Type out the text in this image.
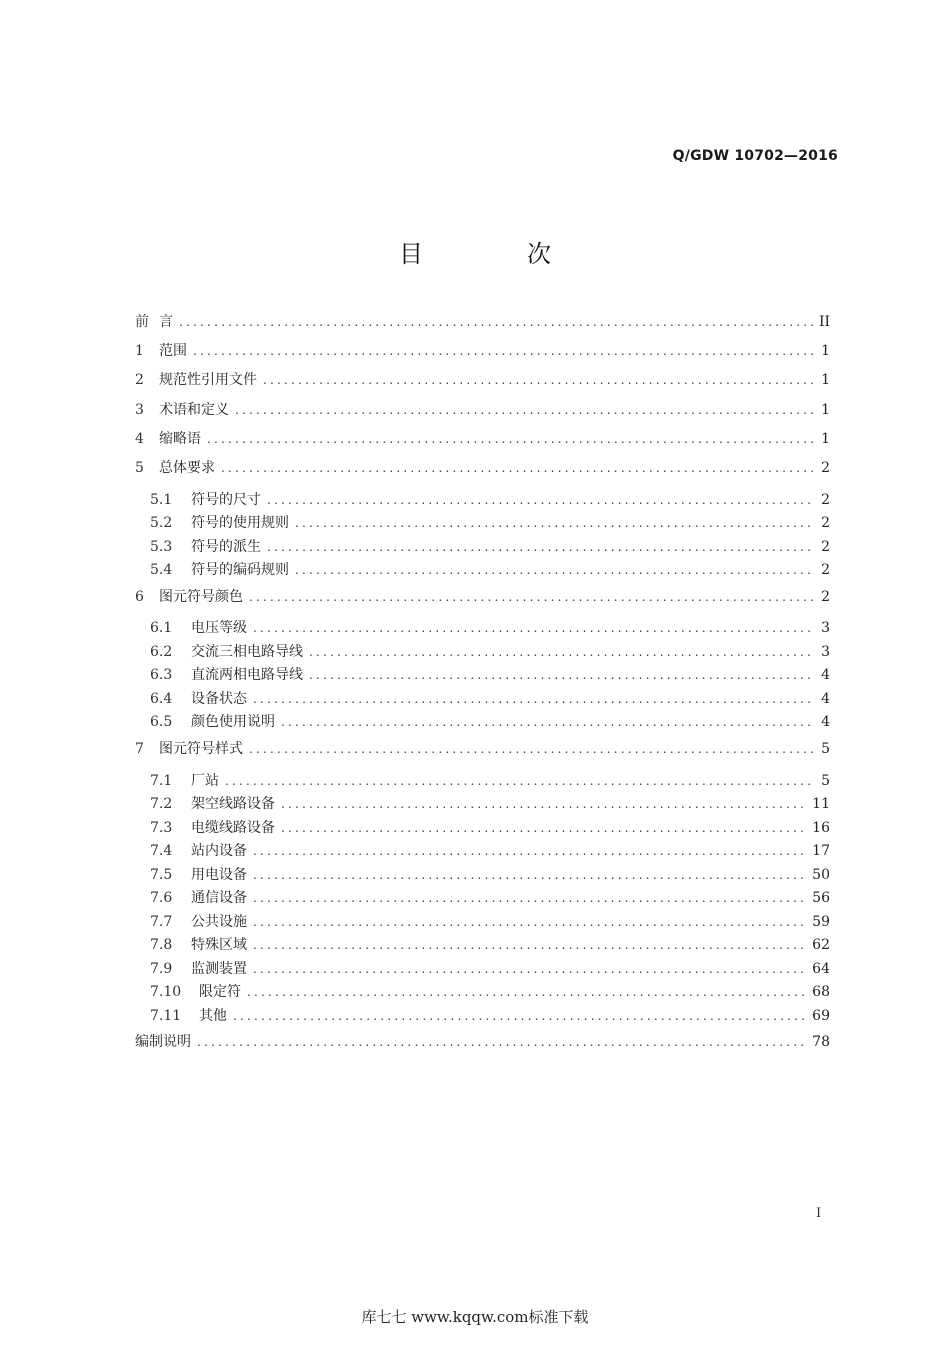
Q/GDW 10702—2016
目　次
前 言 .....	II
1	范围 .....	1
2	规范性引用文件 .....	1
3	术语和定义 .....	1
4	缩略语 .....	1
5	总体要求 .....	2
5.1	符号的尺寸 .....	2
5.2	符号的使用规则 .....	2
5.3	符号的派生 .....	2
5.4	符号的编码规则 .....	2
6	图元符号颜色 .....	2
6.1	电压等级 .....	3
6.2	交流三相电路导线 .....	3
6.3	直流两相电路导线 .....	4
6.4	设备状态 .....	4
6.5	颜色使用说明 .....	4
7	图元符号样式 .....	5
7.1	厂站 .....	5
7.2	架空线路设备 .....	11
7.3	电缆线路设备 .....	16
7.4	站内设备 .....	17
7.5	用电设备 .....	50
7.6	通信设备 .....	56
7.7	公共设施 .....	59
7.8	特殊区域 .....	62
7.9	监测装置 .....	64
7.10	限定符 .....	68
7.11	其他 .....	69
编制说明 .....	78
I
库七七 www.kqqw.com标准下载
